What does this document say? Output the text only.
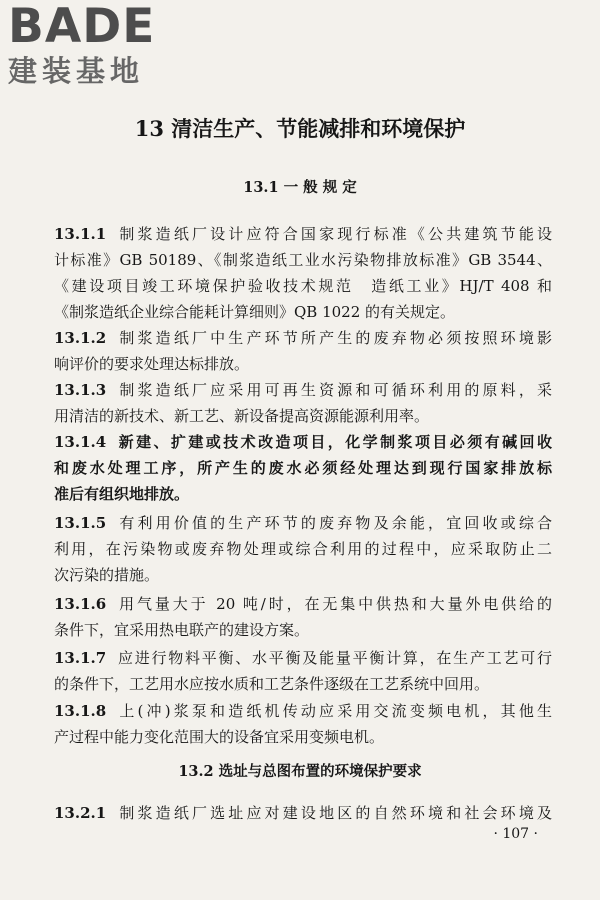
BADE
建装基地
13 清洁生产、节能减排和环境保护
13.1 一 般 规 定
13.1.1 制浆造纸厂设计应符合国家现行标准《公共建筑节能设
计标准》GB 50189、《制浆造纸工业水污染物排放标准》GB 3544、
《建设项目竣工环境保护验收技术规范　造纸工业》HJ/T 408 和
《制浆造纸企业综合能耗计算细则》QB 1022 的有关规定。
13.1.2 制浆造纸厂中生产环节所产生的废弃物必须按照环境影
响评价的要求处理达标排放。
13.1.3 制浆造纸厂应采用可再生资源和可循环利用的原料，采
用清洁的新技术、新工艺、新设备提高资源能源利用率。
13.1.4 新建、扩建或技术改造项目，化学制浆项目必须有碱回收
和废水处理工序，所产生的废水必须经处理达到现行国家排放标
准后有组织地排放。
13.1.5 有利用价值的生产环节的废弃物及余能，宜回收或综合
利用，在污染物或废弃物处理或综合利用的过程中，应采取防止二
次污染的措施。
13.1.6 用气量大于 20 吨/时，在无集中供热和大量外电供给的
条件下，宜采用热电联产的建设方案。
13.1.7 应进行物料平衡、水平衡及能量平衡计算，在生产工艺可行
的条件下，工艺用水应按水质和工艺条件逐级在工艺系统中回用。
13.1.8 上(冲)浆泵和造纸机传动应采用交流变频电机，其他生
产过程中能力变化范围大的设备宜采用变频电机。
13.2 选址与总图布置的环境保护要求
13.2.1 制浆造纸厂选址应对建设地区的自然环境和社会环境及
· 107 ·
